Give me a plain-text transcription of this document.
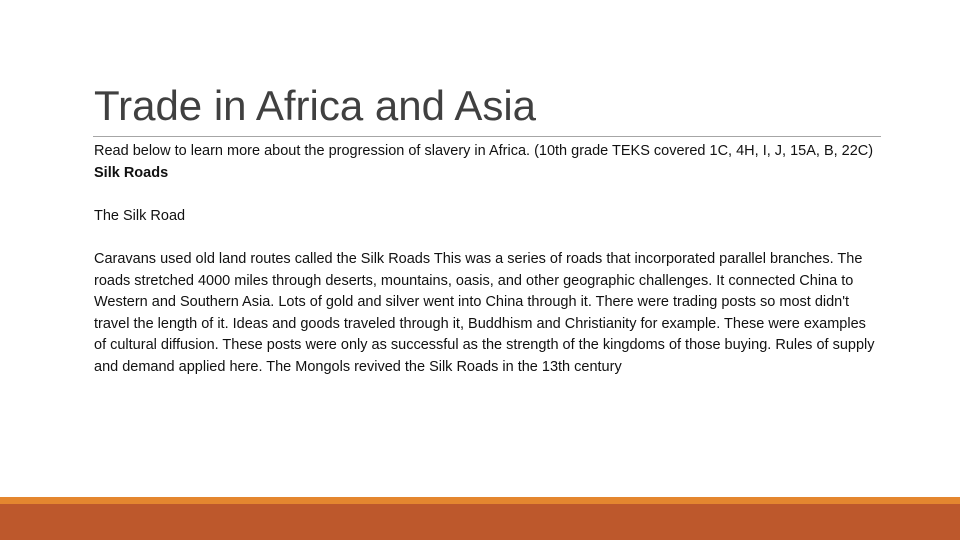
Trade in Africa and Asia

Read below to learn more about the progression of slavery in Africa. (10th grade TEKS covered 1C, 4H, I, J, 15A, B, 22C) Silk Roads

The Silk Road

Caravans used old land routes called the Silk Roads This was a series of roads that incorporated parallel branches. The roads stretched 4000 miles through deserts, mountains, oasis, and other geographic challenges. It connected China to Western and Southern Asia. Lots of gold and silver went into China through it. There were trading posts so most didn't travel the length of it. Ideas and goods traveled through it, Buddhism and Christianity for example. These were examples of cultural diffusion. These posts were only as successful as the strength of the kingdoms of those buying. Rules of supply and demand applied here. The Mongols revived the Silk Roads in the 13th century
